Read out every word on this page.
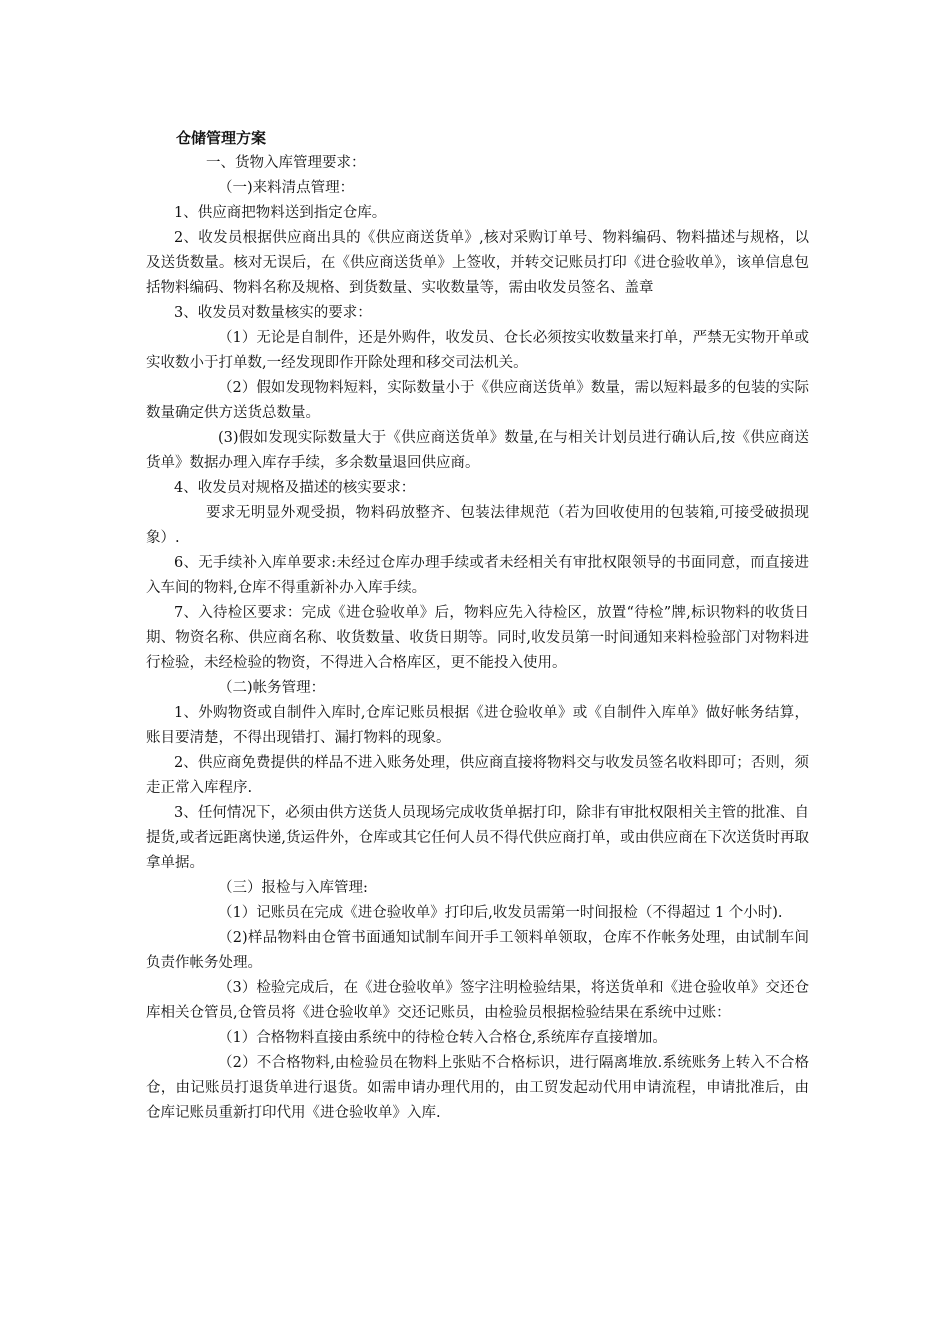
仓储管理方案

一、货物入库管理要求：

（一)来料清点管理：

1、供应商把物料送到指定仓库。

2、收发员根据供应商出具的《供应商送货单》,核对采购订单号、物料编码、物料描述与规格，以及送货数量。核对无误后，在《供应商送货单》上签收，并转交记账员打印《进仓验收单》，该单信息包括物料编码、物料名称及规格、到货数量、实收数量等，需由收发员签名、盖章

3、收发员对数量核实的要求：

（1）无论是自制件，还是外购件，收发员、仓长必须按实收数量来打单，严禁无实物开单或实收数小于打单数,一经发现即作开除处理和移交司法机关。

（2）假如发现物料短料，实际数量小于《供应商送货单》数量，需以短料最多的包装的实际数量确定供方送货总数量。

(3)假如发现实际数量大于《供应商送货单》数量,在与相关计划员进行确认后,按《供应商送货单》数据办理入库存手续，多余数量退回供应商。

4、收发员对规格及描述的核实要求：

要求无明显外观受损，物料码放整齐、包装法律规范（若为回收使用的包装箱,可接受破损现象）.

6、无手续补入库单要求:未经过仓库办理手续或者未经相关有审批权限领导的书面同意，而直接进入车间的物料,仓库不得重新补办入库手续。

7、入待检区要求：完成《进仓验收单》后，物料应先入待检区，放置“待检”牌,标识物料的收货日期、物资名称、供应商名称、收货数量、收货日期等。同时,收发员第一时间通知来料检验部门对物料进行检验，未经检验的物资，不得进入合格库区，更不能投入使用。

（二)帐务管理：

1、外购物资或自制件入库时,仓库记账员根据《进仓验收单》或《自制件入库单》做好帐务结算，账目要清楚，不得出现错打、漏打物料的现象。

2、供应商免费提供的样品不进入账务处理，供应商直接将物料交与收发员签名收料即可；否则，须走正常入库程序.

3、任何情况下，必须由供方送货人员现场完成收货单据打印，除非有审批权限相关主管的批准、自提货,或者远距离快递,货运件外，仓库或其它任何人员不得代供应商打单，或由供应商在下次送货时再取拿单据。

（三）报检与入库管理:

（1）记账员在完成《进仓验收单》打印后,收发员需第一时间报检（不得超过 1 个小时).

（2)样品物料由仓管书面通知试制车间开手工领料单领取，仓库不作帐务处理，由试制车间负责作帐务处理。

（3）检验完成后，在《进仓验收单》签字注明检验结果，将送货单和《进仓验收单》交还仓库相关仓管员,仓管员将《进仓验收单》交还记账员，由检验员根据检验结果在系统中过账：

（1）合格物料直接由系统中的待检仓转入合格仓,系统库存直接增加。

（2）不合格物料,由检验员在物料上张贴不合格标识，进行隔离堆放.系统账务上转入不合格仓，由记账员打退货单进行退货。如需申请办理代用的，由工贸发起动代用申请流程，申请批准后，由仓库记账员重新打印代用《进仓验收单》入库.
